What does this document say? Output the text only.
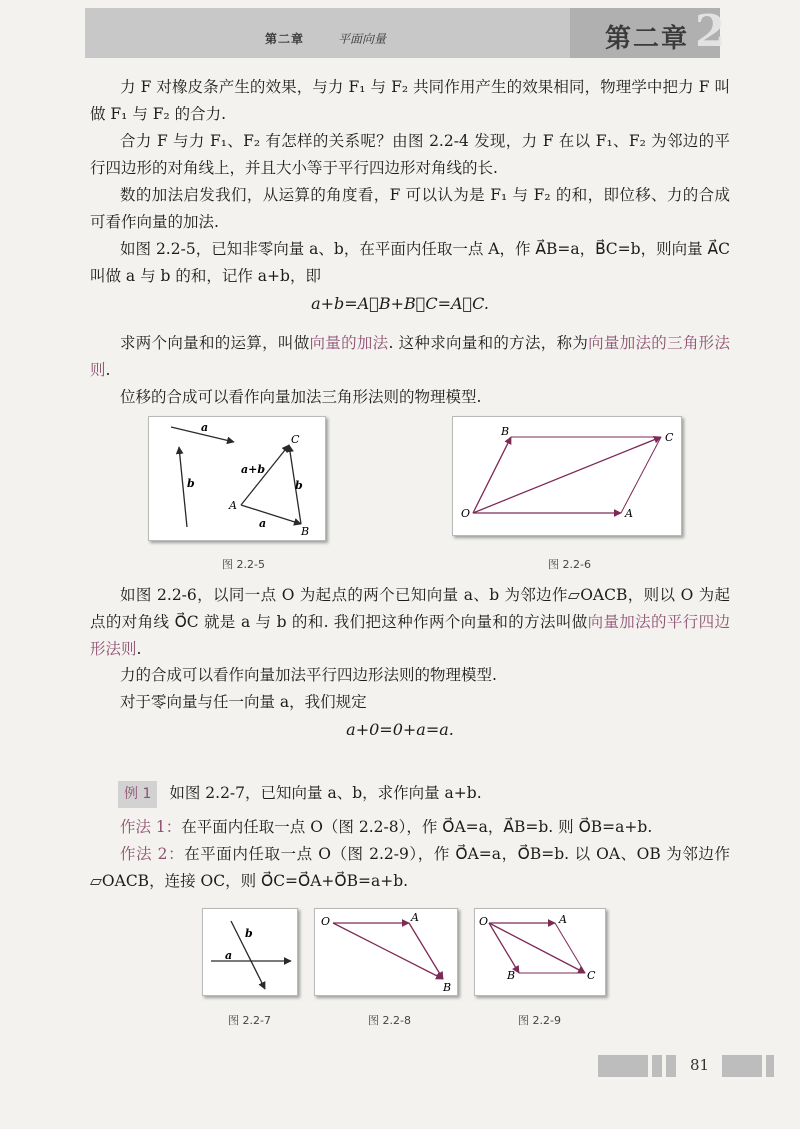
第二章	平面向量	2
第二章
力 F 对橡皮条产生的效果，与力 F₁ 与 F₂ 共同作用产生的效果相同，物理学中把力 F 叫做 F₁ 与 F₂ 的合力.
合力 F 与力 F₁、F₂ 有怎样的关系呢？由图 2.2-4 发现，力 F 在以 F₁、F₂ 为邻边的平行四边形的对角线上，并且大小等于平行四边形对角线的长.
数的加法启发我们，从运算的角度看，F 可以认为是 F₁ 与 F₂ 的和，即位移、力的合成可看作向量的加法.
如图 2.2-5，已知非零向量 a、b，在平面内任取一点 A，作 A⃗B=a，B⃗C=b，则向量 A⃗C 叫做 a 与 b 的和，记作 a+b，即
a+b=A⃗B+B⃗C=A⃗C.
求两个向量和的运算，叫做向量的加法. 这种求向量和的方法，称为向量加法的三角形法则.
位移的合成可以看作向量加法三角形法则的物理模型.
a
b
a+b
b
a
A
B
C
图 2.2-5
O	A
B	C
图 2.2-6
如图 2.2-6，以同一点 O 为起点的两个已知向量 a、b 为邻边作▱OACB，则以 O 为起点的对角线 O⃗C 就是 a 与 b 的和. 我们把这种作两个向量和的方法叫做向量加法的平行四边形法则.
力的合成可以看作向量加法平行四边形法则的物理模型.
对于零向量与任一向量 a，我们规定
a+0=0+a=a.
例 1 如图 2.2-7，已知向量 a、b，求作向量 a+b.
作法 1：在平面内任取一点 O（图 2.2-8），作 O⃗A=a，A⃗B=b. 则 O⃗B=a+b.
作法 2：在平面内任取一点 O（图 2.2-9），作 O⃗A=a，O⃗B=b. 以 OA、OB 为邻边作▱OACB，连接 OC，则 O⃗C=O⃗A+O⃗B=a+b.
a
b
图 2.2-7
O	A
B
图 2.2-8
O	A
B	C
图 2.2-9
81
